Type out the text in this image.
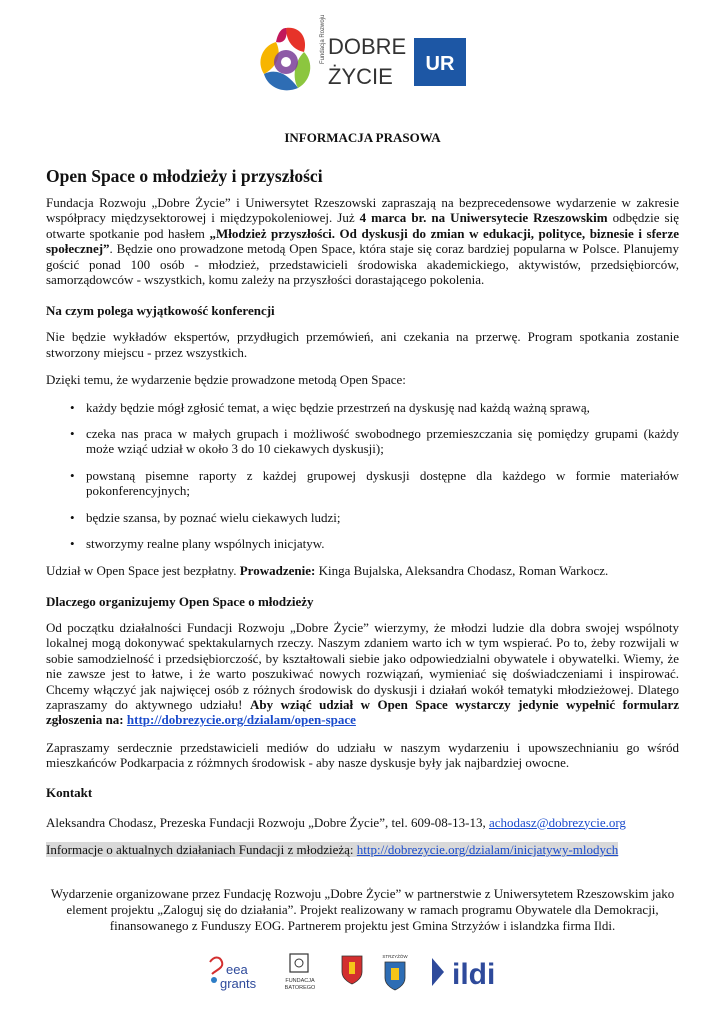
Fundacja Rozwoju DOBRE
ŻYCIE UR
INFORMACJA PRASOWA
Open Space o młodzieży i przyszłości

Fundacja Rozwoju „Dobre Życie” i Uniwersytet Rzeszowski zapraszają na bezprecedensowe wydarzenie w zakresie współpracy międzysektorowej i międzypokoleniowej. Już 4 marca br. na Uniwersytecie Rzeszowskim odbędzie się otwarte spotkanie pod hasłem „Młodzież przyszłości. Od dyskusji do zmian w edukacji, polityce, biznesie i sferze społecznej”. Będzie ono prowadzone metodą Open Space, która staje się coraz bardziej popularna w Polsce. Planujemy gościć ponad 100 osób - młodzież, przedstawicieli środowiska akademickiego, aktywistów, przedsiębiorców, samorządowców - wszystkich, komu zależy na przyszłości dorastającego pokolenia.

Na czym polega wyjątkowość konferencji

Nie będzie wykładów ekspertów, przydługich przemówień, ani czekania na przerwę. Program spotkania zostanie stworzony miejscu - przez wszystkich.

Dzięki temu, że wydarzenie będzie prowadzone metodą Open Space:

• każdy będzie mógł zgłosić temat, a więc będzie przestrzeń na dyskusję nad każdą ważną sprawą,
• czeka nas praca w małych grupach i możliwość swobodnego przemieszczania się pomiędzy grupami (każdy może wziąć udział w około 3 do 10 ciekawych dyskusji);
• powstaną pisemne raporty z każdej grupowej dyskusji dostępne dla każdego w formie materiałów pokonferencyjnych;
• będzie szansa, by poznać wielu ciekawych ludzi;
• stworzymy realne plany wspólnych inicjatyw.

Udział w Open Space jest bezpłatny. Prowadzenie: Kinga Bujalska, Aleksandra Chodasz, Roman Warkocz.

Dlaczego organizujemy Open Space o młodzieży

Od początku działalności Fundacji Rozwoju „Dobre Życie” wierzymy, że młodzi ludzie dla dobra swojej wspólnoty lokalnej mogą dokonywać spektakularnych rzeczy. Naszym zdaniem warto ich w tym wspierać. Po to, żeby rozwijali w sobie samodzielność i przedsiębiorczość, by kształtowali siebie jako odpowiedzialni obywatele i obywatelki. Wiemy, że nie zawsze jest to łatwe, i że warto poszukiwać nowych rozwiązań, wymieniać się doświadczeniami i inspirować. Chcemy włączyć jak najwięcej osób z różnych środowisk do dyskusji i działań wokół tematyki młodzieżowej. Dlatego zapraszamy do aktywnego udziału! Aby wziąć udział w Open Space wystarczy jedynie wypełnić formularz zgłoszenia na: http://dobrezycie.org/dzialam/open-space

Zapraszamy serdecznie przedstawicieli mediów do udziału w naszym wydarzeniu i upowszechnianiu go wśród mieszkańców Podkarpacia z różmnych środowisk - aby nasze dyskusje były jak najbardziej owocne.

Kontakt

Aleksandra Chodasz, Prezeska Fundacji Rozwoju „Dobre Życie”, tel. 609-08-13-13, achodasz@dobrezycie.org

Informacje o aktualnych działaniach Fundacji z młodzieżą: http://dobrezycie.org/dzialam/inicjatywy-mlodych

Wydarzenie organizowane przez Fundację Rozwoju „Dobre Życie” w partnerstwie z Uniwersytetem Rzeszowskim jako element projektu „Zaloguj się do działania”. Projekt realizowany w ramach programu Obywatele dla Demokracji, finansowanego z Funduszy EOG. Partnerem projektu jest Gmina Strzyżów i islandzka firma Ildi.
eea
grants	FUNDACJA
BATOREGO
STRZYŻÓW
ildi
